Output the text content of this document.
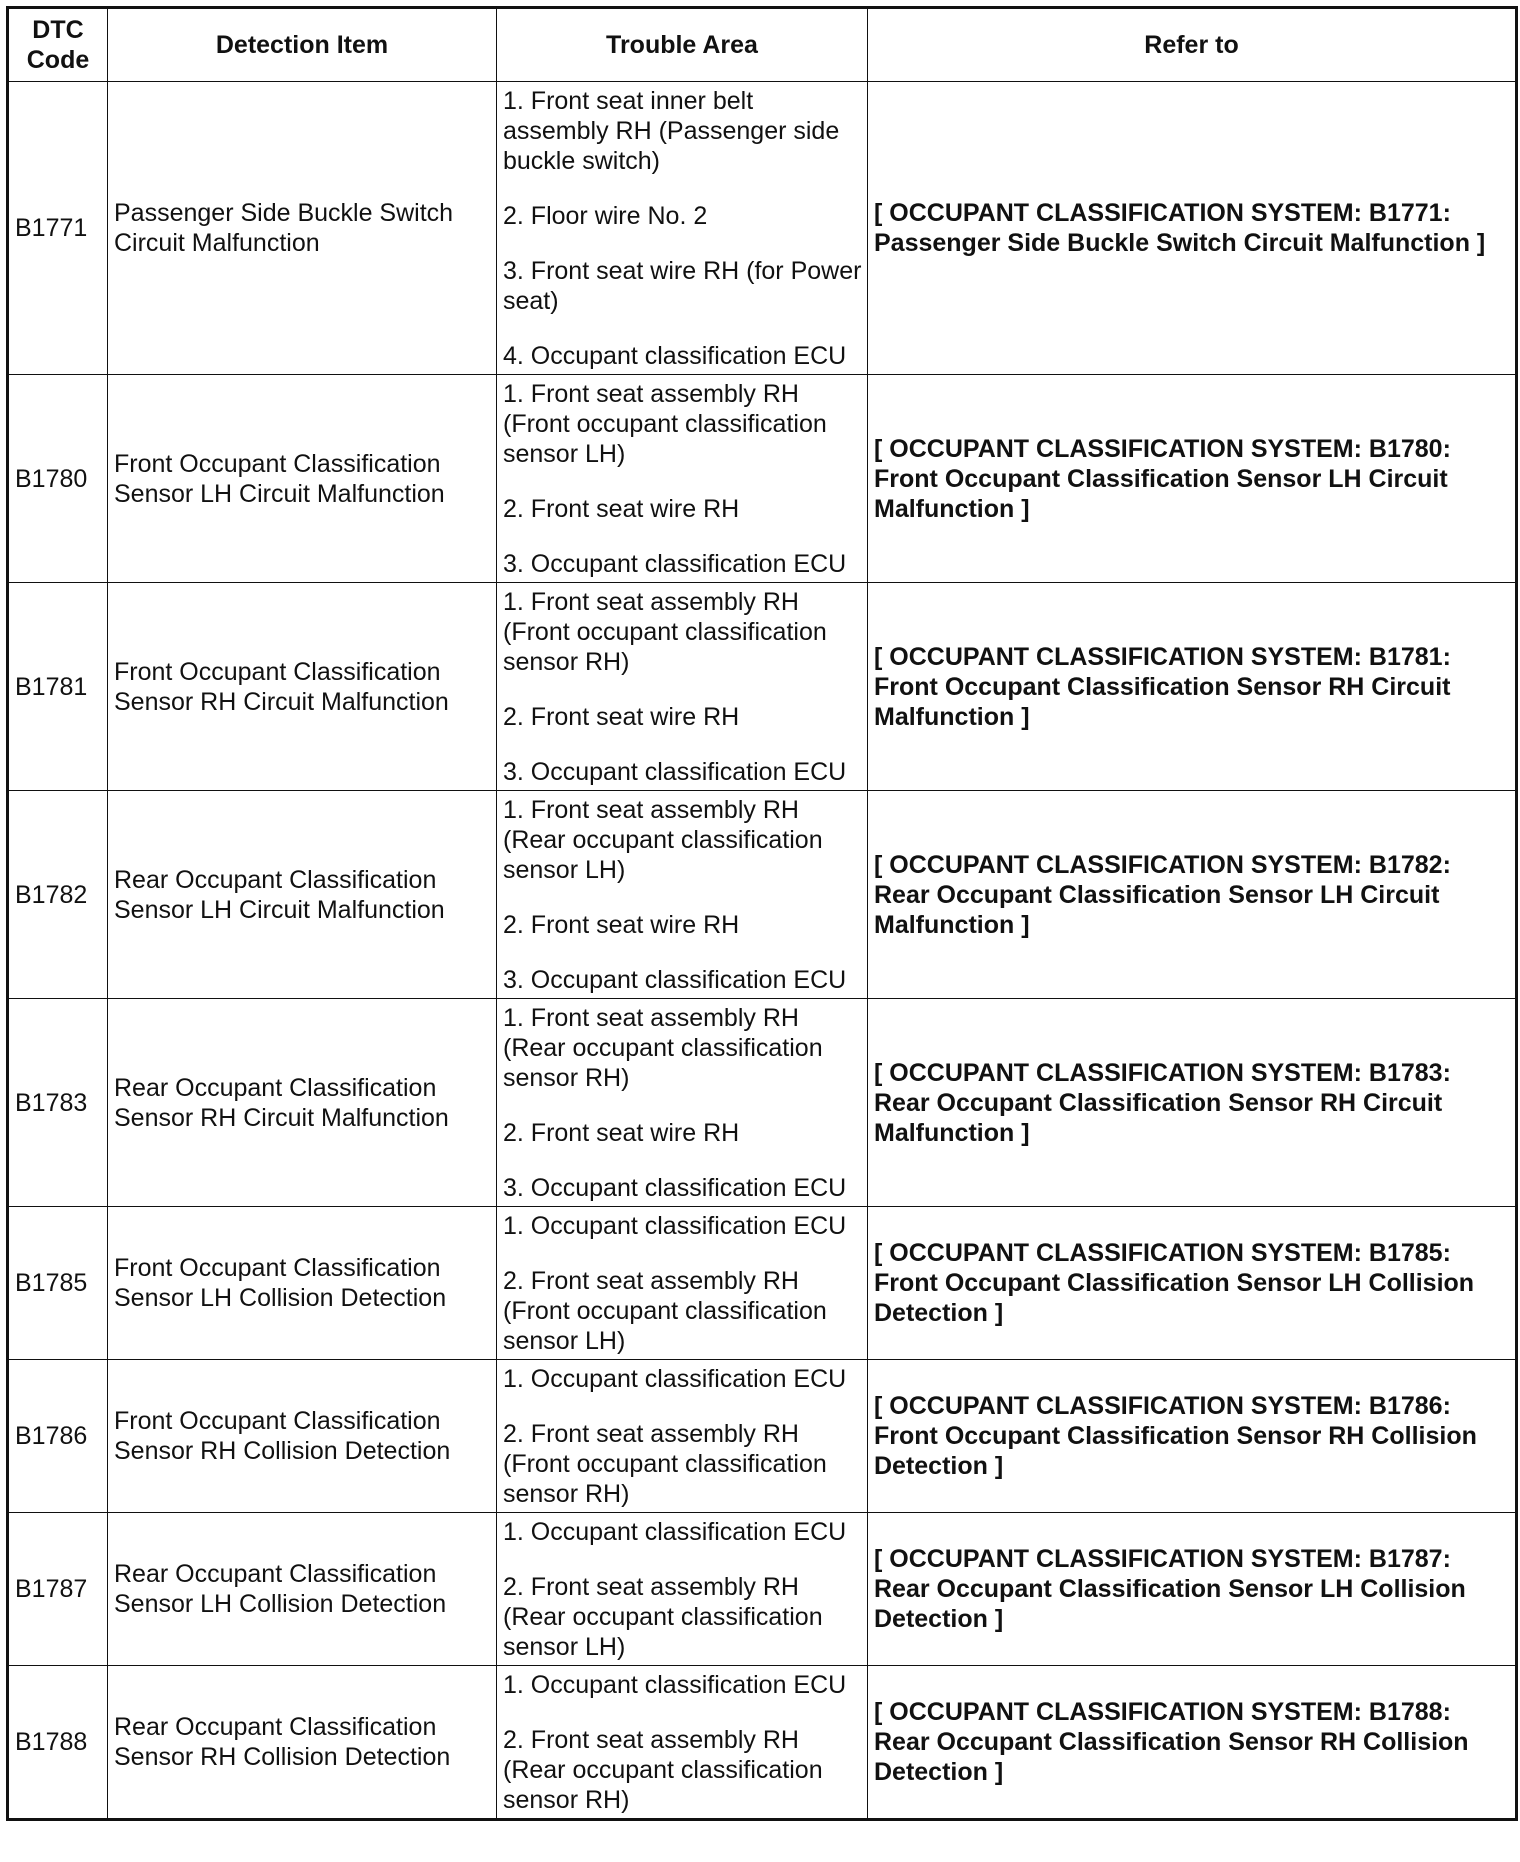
DTC Code	Detection Item	Trouble Area	Refer to
B1771	Passenger Side Buckle Switch Circuit Malfunction	1. Front seat inner belt assembly RH (Passenger side buckle switch)

2. Floor wire No. 2

3. Front seat wire RH (for Power seat)

4. Occupant classification ECU	[ OCCUPANT CLASSIFICATION SYSTEM: B1771: Passenger Side Buckle Switch Circuit Malfunction ]
B1780	Front Occupant Classification Sensor LH Circuit Malfunction	1. Front seat assembly RH (Front occupant classification sensor LH)

2. Front seat wire RH

3. Occupant classification ECU	[ OCCUPANT CLASSIFICATION SYSTEM: B1780: Front Occupant Classification Sensor LH Circuit Malfunction ]
B1781	Front Occupant Classification Sensor RH Circuit Malfunction	1. Front seat assembly RH (Front occupant classification sensor RH)

2. Front seat wire RH

3. Occupant classification ECU	[ OCCUPANT CLASSIFICATION SYSTEM: B1781: Front Occupant Classification Sensor RH Circuit Malfunction ]
B1782	Rear Occupant Classification Sensor LH Circuit Malfunction	1. Front seat assembly RH (Rear occupant classification sensor LH)

2. Front seat wire RH

3. Occupant classification ECU	[ OCCUPANT CLASSIFICATION SYSTEM: B1782: Rear Occupant Classification Sensor LH Circuit Malfunction ]
B1783	Rear Occupant Classification Sensor RH Circuit Malfunction	1. Front seat assembly RH (Rear occupant classification sensor RH)

2. Front seat wire RH

3. Occupant classification ECU	[ OCCUPANT CLASSIFICATION SYSTEM: B1783: Rear Occupant Classification Sensor RH Circuit Malfunction ]
B1785	Front Occupant Classification Sensor LH Collision Detection	1. Occupant classification ECU

2. Front seat assembly RH (Front occupant classification sensor LH)	[ OCCUPANT CLASSIFICATION SYSTEM: B1785: Front Occupant Classification Sensor LH Collision Detection ]
B1786	Front Occupant Classification Sensor RH Collision Detection	1. Occupant classification ECU

2. Front seat assembly RH (Front occupant classification sensor RH)	[ OCCUPANT CLASSIFICATION SYSTEM: B1786: Front Occupant Classification Sensor RH Collision Detection ]
B1787	Rear Occupant Classification Sensor LH Collision Detection	1. Occupant classification ECU

2. Front seat assembly RH (Rear occupant classification sensor LH)	[ OCCUPANT CLASSIFICATION SYSTEM: B1787: Rear Occupant Classification Sensor LH Collision Detection ]
B1788	Rear Occupant Classification Sensor RH Collision Detection	1. Occupant classification ECU

2. Front seat assembly RH (Rear occupant classification sensor RH)	[ OCCUPANT CLASSIFICATION SYSTEM: B1788: Rear Occupant Classification Sensor RH Collision Detection ]
